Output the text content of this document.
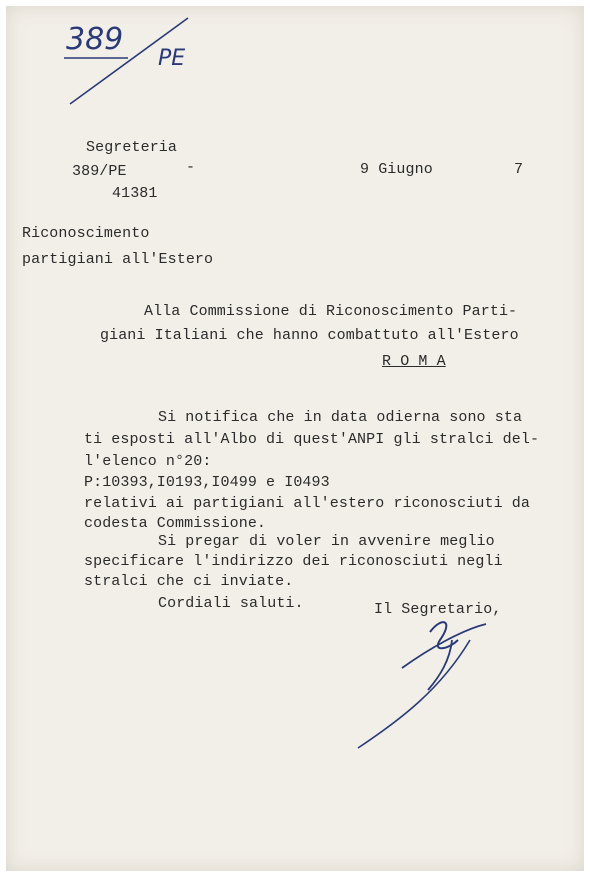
389
PE
Segreteria
389/PE	-
41381
9 Giugno	7
Riconoscimento
partigiani all'Estero
Alla Commissione di Riconoscimento Parti-
giani Italiani che hanno combattuto all'Estero
R O M A
Si notifica che in data odierna sono sta
ti esposti all'Albo di quest'ANPI gli stralci del-
l'elenco n°20:
P:10393,I0193,I0499 e I0493
relativi ai partigiani all'estero riconosciuti da
codesta Commissione.
Si pregar di voler in avvenire meglio
specificare l'indirizzo dei riconosciuti negli
stralci che ci inviate.
Cordiali saluti.	Il Segretario,
